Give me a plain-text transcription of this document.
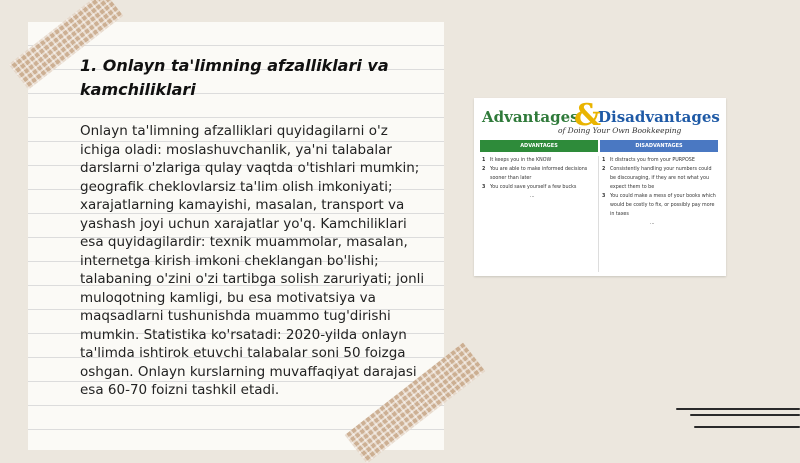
1. Onlayn ta'limning afzalliklari va kamchiliklari

Onlayn ta'limning afzalliklari quyidagilarni o'z ichiga oladi: moslashuvchanlik, ya'ni talabalar darslarni o'zlariga qulay vaqtda o'tishlari mumkin; geografik cheklovlarsiz ta'lim olish imkoniyati; xarajatlarning kamayishi, masalan, transport va yashash joyi uchun xarajatlar yo'q. Kamchiliklari esa quyidagilardir: texnik muammolar, masalan, internetga kirish imkoni cheklangan bo'lishi; talabaning o'zini o'zi tartibga solish zaruriyati; jonli muloqotning kamligi, bu esa motivatsiya va maqsadlarni tushunishda muammo tug'dirishi mumkin. Statistika ko'rsatadi: 2020-yilda onlayn ta'limda ishtirok etuvchi talabalar soni 50 foizga oshgan. Onlayn kurslarning muvaffaqiyat darajasi esa 60-70 foizni tashkil etadi.

Advantages
&
Disadvantages
of Doing Your Own Bookkeeping
ADVANTAGES	DISADVANTAGES
1 It keeps you in the KNOW
2 You are able to make informed decisions sooner than later
3 You could save yourself a few bucks
...
1 It distracts you from your PURPOSE
2 Consistently handling your numbers could be discouraging, if they are not what you expect them to be
3 You could make a mess of your books which would be costly to fix, or possibly pay more in taxes
...
